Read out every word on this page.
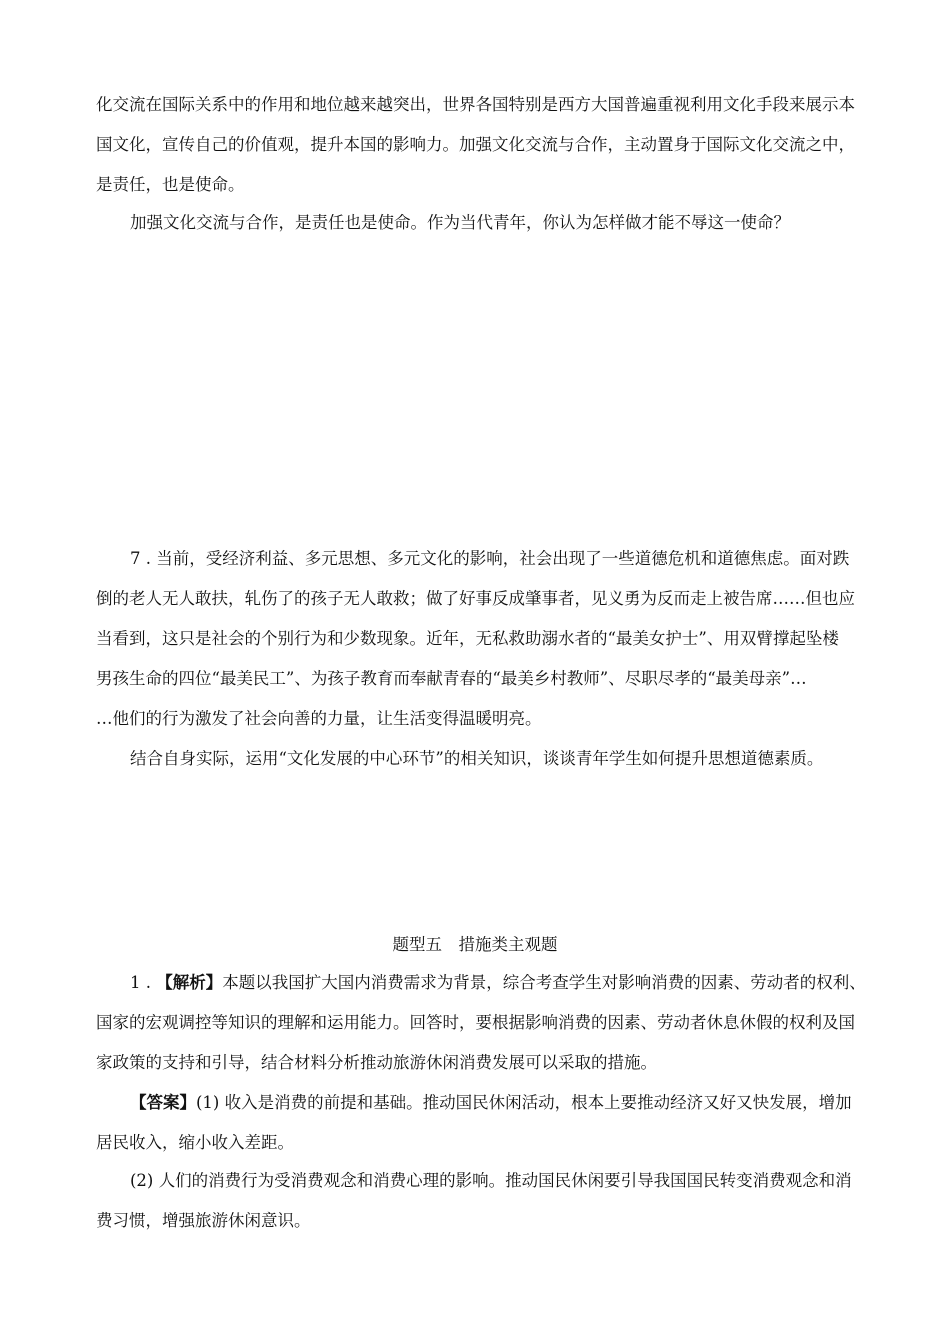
化交流在国际关系中的作用和地位越来越突出，世界各国特别是西方大国普遍重视利用文化手段来展示本
国文化，宣传自己的价值观，提升本国的影响力。加强文化交流与合作，主动置身于国际文化交流之中，
是责任，也是使命。
加强文化交流与合作，是责任也是使命。作为当代青年，你认为怎样做才能不辱这一使命？
7 . 当前，受经济利益、多元思想、多元文化的影响，社会出现了一些道德危机和道德焦虑。面对跌
倒的老人无人敢扶，轧伤了的孩子无人敢救；做了好事反成肇事者，见义勇为反而走上被告席……但也应
当看到，这只是社会的个别行为和少数现象。近年，无私救助溺水者的“最美女护士”、用双臂撑起坠楼
男孩生命的四位“最美民工”、为孩子教育而奉献青春的“最美乡村教师”、尽职尽孝的“最美母亲”…
…他们的行为激发了社会向善的力量，让生活变得温暖明亮。
结合自身实际，运用“文化发展的中心环节”的相关知识，谈谈青年学生如何提升思想道德素质。
题型五　措施类主观题
1 . 【解析】本题以我国扩大国内消费需求为背景，综合考查学生对影响消费的因素、劳动者的权利、
国家的宏观调控等知识的理解和运用能力。回答时，要根据影响消费的因素、劳动者休息休假的权利及国
家政策的支持和引导，结合材料分析推动旅游休闲消费发展可以采取的措施。
【答案】(1) 收入是消费的前提和基础。推动国民休闲活动，根本上要推动经济又好又快发展，增加
居民收入，缩小收入差距。
(2) 人们的消费行为受消费观念和消费心理的影响。推动国民休闲要引导我国国民转变消费观念和消
费习惯，增强旅游休闲意识。
